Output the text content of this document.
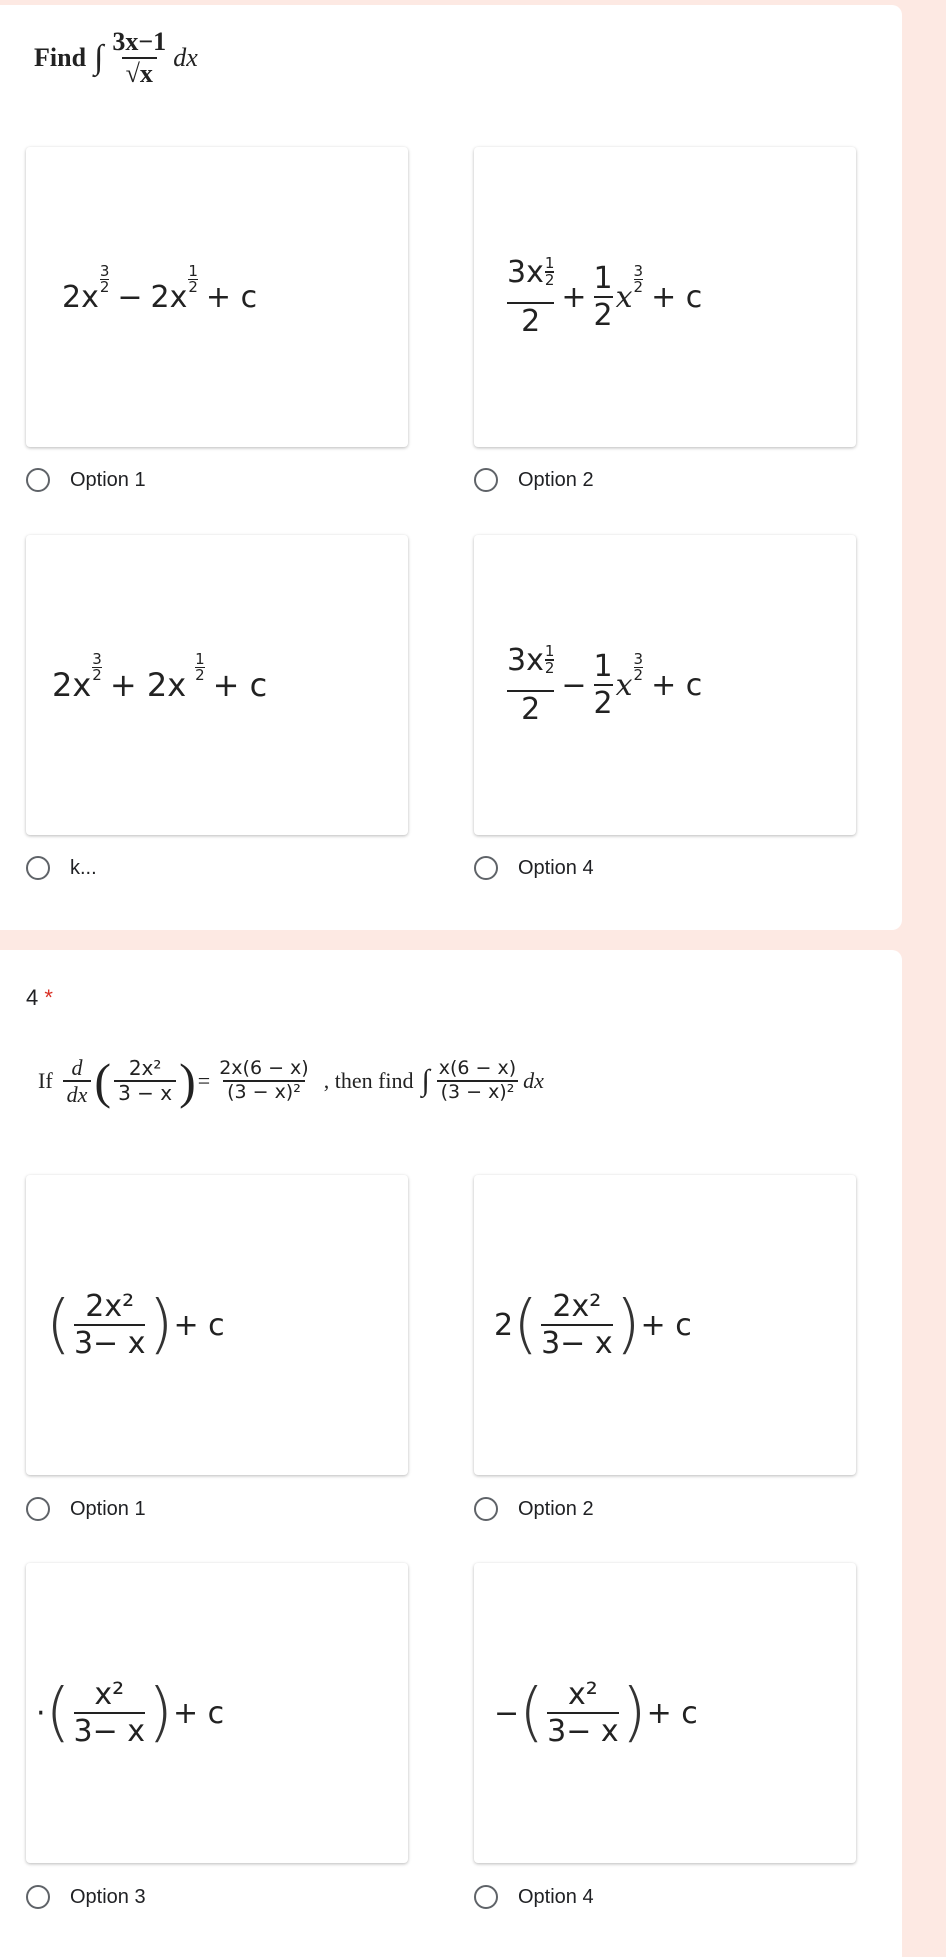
Find ∫ $\frac{3x-1}{√x}$ dx
2x
$\frac{3}{2}$
− 2x
$\frac{1}{2}$
+ c
Option 1
$3x \frac{1}{2}$
2
+ $\frac{1}{2}$ x
$\frac{3}{2}$
+ c
Option 2
$2x \frac{3}{2} + 2x \frac{1}{2} + c$
k...
$3x \frac{1}{2}$
2
− $\frac{1}{2}$ x
$\frac{3}{2}$
+ c
Option 4
4 *
If $\frac{d}{dx}$ ( $\frac{\text{2x²}}{3 - x}$ ) = $\frac{2x(6 - x)}{\text{(3 − x)²}}$ , then find ∫ $\frac{x(6 - x)}{\text{(3 − x)²}}$ dx
( $\frac{\text{2x²}}{3- x}$ ) + c
Option 1
2 ( $\frac{\text{2x²}}{3- x}$ ) + c
Option 2
· ( $\frac{\text{x²}}{3- x}$ ) + c
Option 3
− ( $\frac{\text{x²}}{3- x}$ ) + c
Option 4
